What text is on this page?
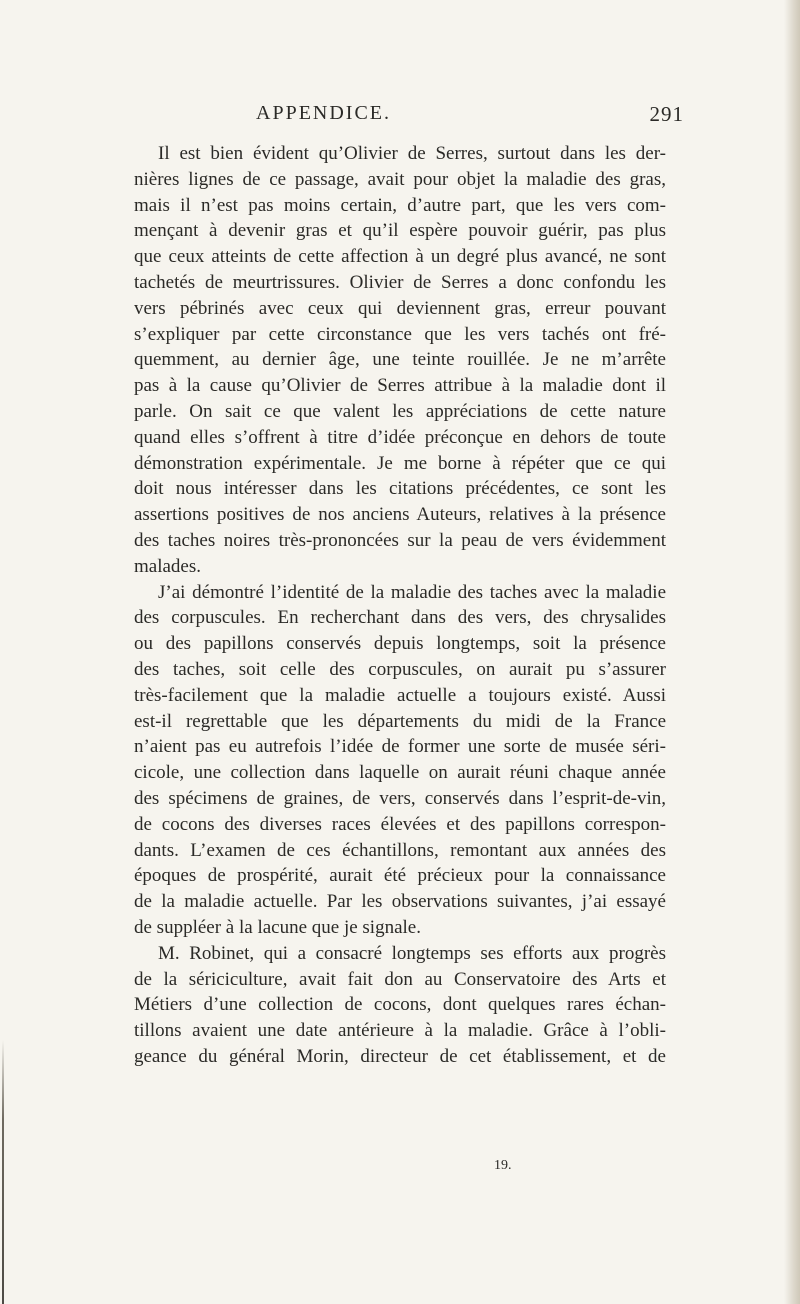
APPENDICE.	291
Il est bien évident qu’Olivier de Serres, surtout dans les der-
nières lignes de ce passage, avait pour objet la maladie des gras,
mais il n’est pas moins certain, d’autre part, que les vers com-
mençant à devenir gras et qu’il espère pouvoir guérir, pas plus
que ceux atteints de cette affection à un degré plus avancé, ne sont
tachetés de meurtrissures. Olivier de Serres a donc confondu les
vers pébrinés avec ceux qui deviennent gras, erreur pouvant
s’expliquer par cette circonstance que les vers tachés ont fré-
quemment, au dernier âge, une teinte rouillée. Je ne m’arrête
pas à la cause qu’Olivier de Serres attribue à la maladie dont il
parle. On sait ce que valent les appréciations de cette nature
quand elles s’offrent à titre d’idée préconçue en dehors de toute
démonstration expérimentale. Je me borne à répéter que ce qui
doit nous intéresser dans les citations précédentes, ce sont les
assertions positives de nos anciens Auteurs, relatives à la présence
des taches noires très-prononcées sur la peau de vers évidemment
malades.
J’ai démontré l’identité de la maladie des taches avec la maladie
des corpuscules. En recherchant dans des vers, des chrysalides
ou des papillons conservés depuis longtemps, soit la présence
des taches, soit celle des corpuscules, on aurait pu s’assurer
très-facilement que la maladie actuelle a toujours existé. Aussi
est-il regrettable que les départements du midi de la France
n’aient pas eu autrefois l’idée de former une sorte de musée séri-
cicole, une collection dans laquelle on aurait réuni chaque année
des spécimens de graines, de vers, conservés dans l’esprit-de-vin,
de cocons des diverses races élevées et des papillons correspon-
dants. L’examen de ces échantillons, remontant aux années des
époques de prospérité, aurait été précieux pour la connaissance
de la maladie actuelle. Par les observations suivantes, j’ai essayé
de suppléer à la lacune que je signale.
M. Robinet, qui a consacré longtemps ses efforts aux progrès
de la sériciculture, avait fait don au Conservatoire des Arts et
Métiers d’une collection de cocons, dont quelques rares échan-
tillons avaient une date antérieure à la maladie. Grâce à l’obli-
geance du général Morin, directeur de cet établissement, et de
19.
